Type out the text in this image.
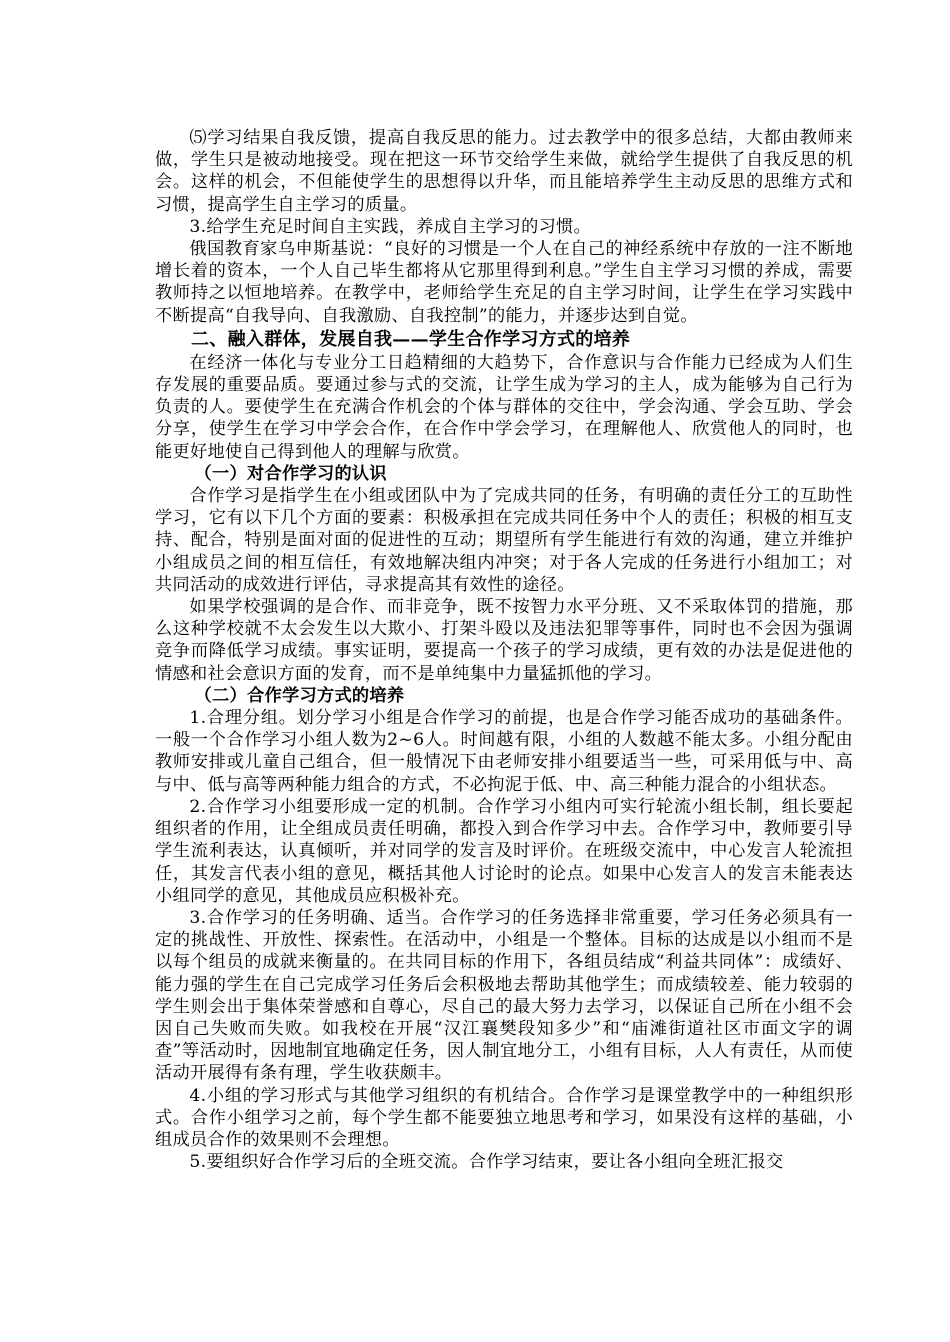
⑸学习结果自我反馈，提高自我反思的能力。过去教学中的很多总结，大都由教师来做，学生只是被动地接受。现在把这一环节交给学生来做，就给学生提供了自我反思的机会。这样的机会，不但能使学生的思想得以升华，而且能培养学生主动反思的思维方式和习惯，提高学生自主学习的质量。

3.给学生充足时间自主实践，养成自主学习的习惯。

俄国教育家乌申斯基说：“良好的习惯是一个人在自己的神经系统中存放的一注不断地增长着的资本，一个人自己毕生都将从它那里得到利息。”学生自主学习习惯的养成，需要教师持之以恒地培养。在教学中，老师给学生充足的自主学习时间，让学生在学习实践中不断提高“自我导向、自我激励、自我控制”的能力，并逐步达到自觉。

二、融入群体，发展自我——学生合作学习方式的培养

在经济一体化与专业分工日趋精细的大趋势下，合作意识与合作能力已经成为人们生存发展的重要品质。要通过参与式的交流，让学生成为学习的主人，成为能够为自己行为负责的人。要使学生在充满合作机会的个体与群体的交往中，学会沟通、学会互助、学会分享，使学生在学习中学会合作，在合作中学会学习，在理解他人、欣赏他人的同时，也能更好地使自己得到他人的理解与欣赏。

（一）对合作学习的认识

合作学习是指学生在小组或团队中为了完成共同的任务，有明确的责任分工的互助性学习，它有以下几个方面的要素：积极承担在完成共同任务中个人的责任；积极的相互支持、配合，特别是面对面的促进性的互动；期望所有学生能进行有效的沟通，建立并维护小组成员之间的相互信任，有效地解决组内冲突；对于各人完成的任务进行小组加工；对共同活动的成效进行评估，寻求提高其有效性的途径。

如果学校强调的是合作、而非竞争，既不按智力水平分班、又不采取体罚的措施，那么这种学校就不太会发生以大欺小、打架斗殴以及违法犯罪等事件，同时也不会因为强调竞争而降低学习成绩。事实证明，要提高一个孩子的学习成绩，更有效的办法是促进他的情感和社会意识方面的发育，而不是单纯集中力量猛抓他的学习。

（二）合作学习方式的培养

1.合理分组。划分学习小组是合作学习的前提，也是合作学习能否成功的基础条件。一般一个合作学习小组人数为2~6人。时间越有限，小组的人数越不能太多。小组分配由教师安排或儿童自己组合，但一般情况下由老师安排小组要适当一些，可采用低与中、高与中、低与高等两种能力组合的方式，不必拘泥于低、中、高三种能力混合的小组状态。

2.合作学习小组要形成一定的机制。合作学习小组内可实行轮流小组长制，组长要起组织者的作用，让全组成员责任明确，都投入到合作学习中去。合作学习中，教师要引导学生流利表达，认真倾听，并对同学的发言及时评价。在班级交流中，中心发言人轮流担任，其发言代表小组的意见，概括其他人讨论时的论点。如果中心发言人的发言未能表达小组同学的意见，其他成员应积极补充。

3.合作学习的任务明确、适当。合作学习的任务选择非常重要，学习任务必须具有一定的挑战性、开放性、探索性。在活动中，小组是一个整体。目标的达成是以小组而不是以每个组员的成就来衡量的。在共同目标的作用下，各组员结成“利益共同体”：成绩好、能力强的学生在自己完成学习任务后会积极地去帮助其他学生；而成绩较差、能力较弱的学生则会出于集体荣誉感和自尊心，尽自己的最大努力去学习，以保证自己所在小组不会因自己失败而失败。如我校在开展“汉江襄樊段知多少”和“庙滩街道社区市面文字的调查”等活动时，因地制宜地确定任务，因人制宜地分工，小组有目标，人人有责任，从而使活动开展得有条有理，学生收获颇丰。

4.小组的学习形式与其他学习组织的有机结合。合作学习是课堂教学中的一种组织形式。合作小组学习之前，每个学生都不能要独立地思考和学习，如果没有这样的基础，小组成员合作的效果则不会理想。

5.要组织好合作学习后的全班交流。合作学习结束，要让各小组向全班汇报交
